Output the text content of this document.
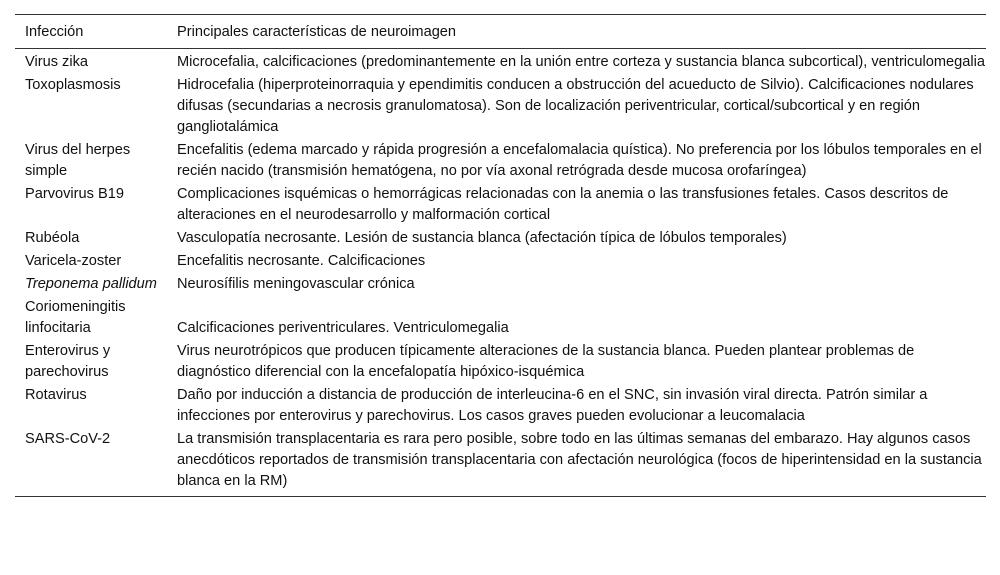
Infección	Principales características de neuroimagen
Virus zika	Microcefalia, calcificaciones (predominantemente en la unión entre corteza y sustancia blanca subcortical), ventriculomegalia
Toxoplasmosis	Hidrocefalia (hiperproteinorraquia y ependimitis conducen a obstrucción del acueducto de Silvio). Calcificaciones nodulares difusas (secundarias a necrosis granulomatosa). Son de localización periventricular, cortical/subcortical y en región gangliotalámica
Virus del herpes simple	Encefalitis (edema marcado y rápida progresión a encefalomalacia quística). No preferencia por los lóbulos temporales en el recién nacido (transmisión hematógena, no por vía axonal retrógrada desde mucosa orofaríngea)
Parvovirus B19	Complicaciones isquémicas o hemorrágicas relacionadas con la anemia o las transfusiones fetales. Casos descritos de alteraciones en el neurodesarrollo y malformación cortical
Rubéola	Vasculopatía necrosante. Lesión de sustancia blanca (afectación típica de lóbulos temporales)
Varicela-zoster	Encefalitis necrosante. Calcificaciones
Treponema pallidum	Neurosífilis meningovascular crónica
Coriomeningitis linfocitaria	Calcificaciones periventriculares. Ventriculomegalia
Enterovirus y parechovirus	Virus neurotrópicos que producen típicamente alteraciones de la sustancia blanca. Pueden plantear problemas de diagnóstico diferencial con la encefalopatía hipóxico-isquémica
Rotavirus	Daño por inducción a distancia de producción de interleucina-6 en el SNC, sin invasión viral directa. Patrón similar a infecciones por enterovirus y parechovirus. Los casos graves pueden evolucionar a leucomalacia
SARS-CoV-2	La transmisión transplacentaria es rara pero posible, sobre todo en las últimas semanas del embarazo. Hay algunos casos anecdóticos reportados de transmisión transplacentaria con afectación neurológica (focos de hiperintensidad en la sustancia blanca en la RM)
